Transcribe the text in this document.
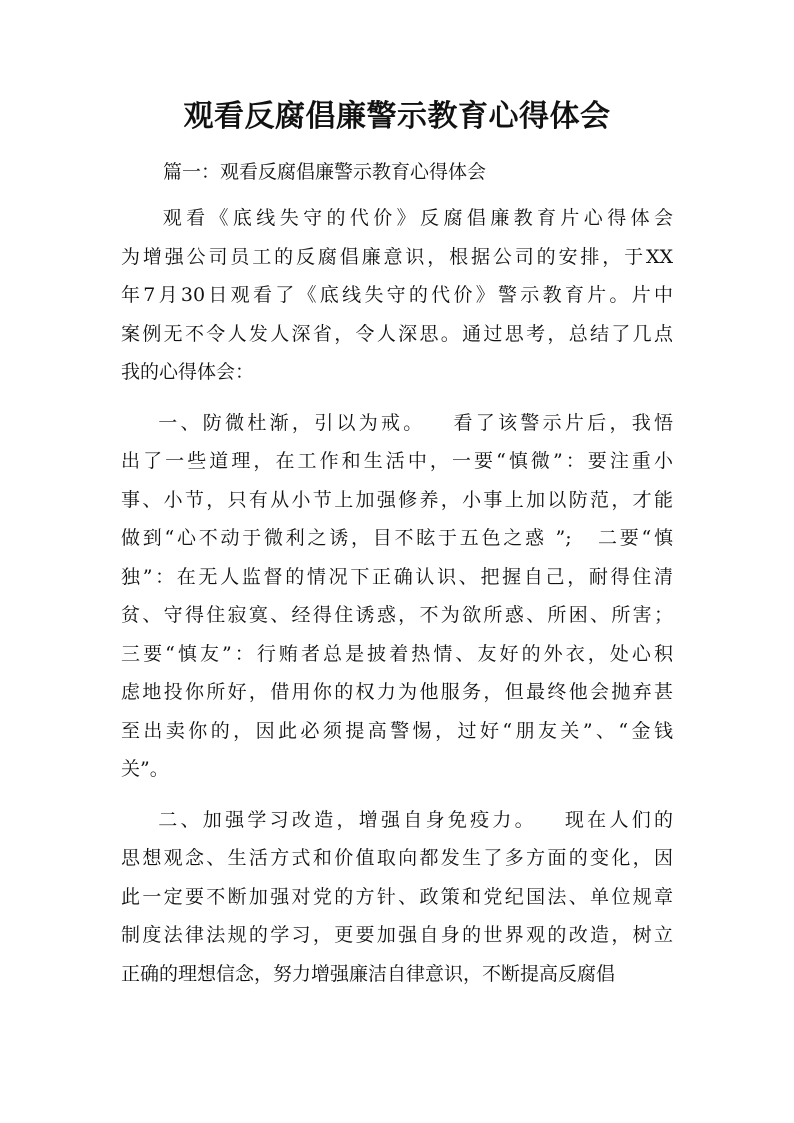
观看反腐倡廉警示教育心得体会

篇一：观看反腐倡廉警示教育心得体会

观看《底线失守的代价》反腐倡廉教育片心得体会
为增强公司员工的反腐倡廉意识，根据公司的安排，于XX
年7月30日观看了《底线失守的代价》警示教育片。片中
案例无不令人发人深省，令人深思。通过思考，总结了几点
我的心得体会：
一、防微杜渐，引以为戒。   看了该警示片后，我悟
出了一些道理，在工作和生活中，一要“慎微”：要注重小
事、小节，只有从小节上加强修养，小事上加以防范，才能
做到“心不动于微利之诱，目不眩于五色之惑 ”;   二要“慎
独”：在无人监督的情况下正确认识、把握自己，耐得住清
贫、守得住寂寞、经得住诱惑，不为欲所惑、所困、所害；
三要“慎友”：行贿者总是披着热情、友好的外衣，处心积
虑地投你所好，借用你的权力为他服务，但最终他会抛弃甚
至出卖你的，因此必须提高警惕，过好“朋友关”、“金钱
关”。
二、加强学习改造，增强自身免疫力。   现在人们的
思想观念、生活方式和价值取向都发生了多方面的变化，因
此一定要不断加强对党的方针、政策和党纪国法、单位规章
制度法律法规的学习，更要加强自身的世界观的改造，树立
正确的理想信念，努力增强廉洁自律意识，不断提高反腐倡
